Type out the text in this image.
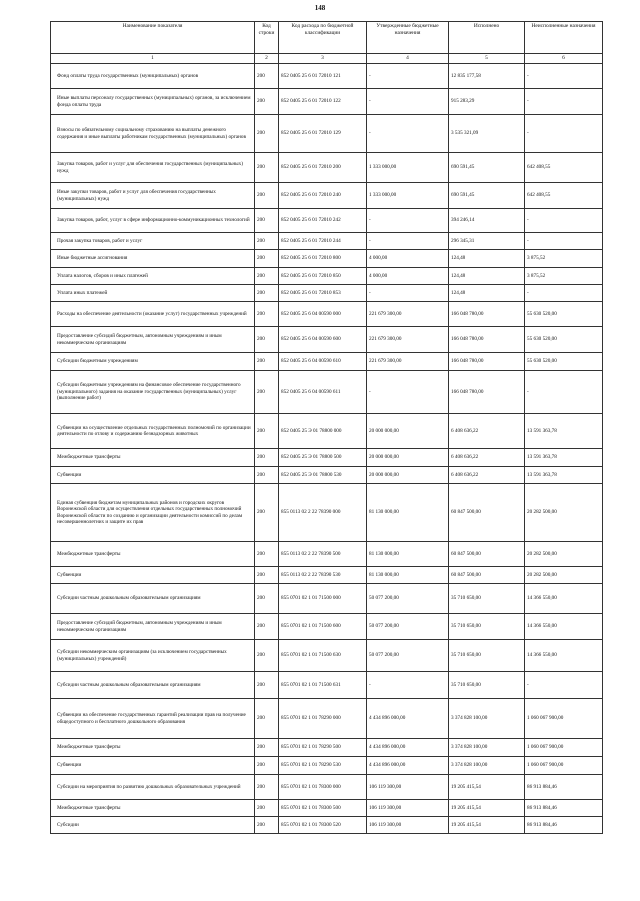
148
Наименование показателя	Код строки	Код расхода по бюджетной классификации	Утвержденные бюджетные назначения	Исполнено	Неисполненные назначения
1	2	3	4	5	6
Фонд оплаты труда государственных (муниципальных) органов	200	852 0405 25 6 01 72010 121	-	12 835 177,58	-
Иные выплаты персоналу государственных (муниципальных) органов, за исключением фонда оплаты труда	200	852 0405 25 6 01 72010 122	-	915 283,29	-
Взносы по обязательному социальному страхованию на выплаты денежного содержания и иные выплаты работникам государственных (муниципальных) органов	200	852 0405 25 6 01 72010 129	-	3 535 321,09	-
Закупка товаров, работ и услуг для обеспечения государственных (муниципальных) нужд	200	852 0405 25 6 01 72010 200	1 333 000,00	690 591,45	642 408,55
Иные закупки товаров, работ и услуг для обеспечения государственных (муниципальных) нужд	200	852 0405 25 6 01 72010 240	1 333 000,00	690 591,45	642 408,55
Закупка товаров, работ, услуг в сфере информационно-коммуникационных технологий	200	852 0405 25 6 01 72010 242	-	394 246,14	-
Прочая закупка товаров, работ и услуг	200	852 0405 25 6 01 72010 244	-	296 345,31	-
Иные бюджетные ассигнования	200	852 0405 25 6 01 72010 800	4 000,00	124,48	3 875,52
Уплата налогов, сборов и иных платежей	200	852 0405 25 6 01 72010 850	4 000,00	124,48	3 875,52
Уплата иных платежей	200	852 0405 25 6 01 72010 853	-	124,48	-
Расходы на обеспечение деятельности (оказание услуг) государственных учреждений	200	852 0405 25 6 04 00590 000	221 679 300,00	166 048 780,00	55 630 520,00
Предоставление субсидий бюджетным, автономным учреждениям и иным некоммерческим организациям	200	852 0405 25 6 04 00590 600	221 679 300,00	166 048 780,00	55 630 520,00
Субсидии бюджетным учреждениям	200	852 0405 25 6 04 00590 610	221 679 300,00	166 048 780,00	55 630 520,00
Субсидии бюджетным учреждениям на финансовое обеспечение государственного (муниципального) задания на оказание государственных (муниципальных) услуг (выполнение работ)	200	852 0405 25 6 04 00590 611	-	166 048 780,00	-
Субвенции на осуществление отдельных государственных полномочий по организации деятельности по отлову и содержанию безнадзорных животных	200	852 0405 25 Э 01 78800 000	20 000 000,00	6 408 636,22	13 591 363,78
Межбюджетные трансферты	200	852 0405 25 Э 01 78800 500	20 000 000,00	6 408 636,22	13 591 363,78
Субвенции	200	852 0405 25 Э 01 78800 530	20 000 000,00	6 408 636,22	13 591 363,78
Единая субвенция бюджетам муниципальных районов и городских округов Воронежской области для осуществления отдельных государственных полномочий Воронежской области по созданию и организации деятельности комиссий по делам несовершеннолетних и защите их прав	200	855 0113 02 2 22 78390 000	81 130 000,00	60 847 500,00	20 282 500,00
Межбюджетные трансферты	200	855 0113 02 2 22 78390 500	81 130 000,00	60 847 500,00	20 282 500,00
Субвенции	200	855 0113 02 2 22 78390 530	81 130 000,00	60 847 500,00	20 282 500,00
Субсидии частным дошкольным образовательным организациям	200	855 0701 02 1 01 71500 000	50 077 200,00	35 710 650,00	14 366 550,00
Предоставление субсидий бюджетным, автономным учреждениям и иным некоммерческим организациям	200	855 0701 02 1 01 71500 600	50 077 200,00	35 710 650,00	14 366 550,00
Субсидии некоммерческим организациям (за исключением государственных (муниципальных) учреждений)	200	855 0701 02 1 01 71500 630	50 077 200,00	35 710 650,00	14 366 550,00
Субсидии частным дошкольным образовательным организациям	200	855 0701 02 1 01 71500 631	-	35 710 650,00	-
Субвенции на обеспечение государственных гарантий реализации прав на получение общедоступного и бесплатного дошкольного образования	200	855 0701 02 1 01 78290 000	4 434 896 000,00	3 374 828 100,00	1 060 067 900,00
Межбюджетные трансферты	200	855 0701 02 1 01 78290 500	4 434 896 000,00	3 374 828 100,00	1 060 067 900,00
Субвенции	200	855 0701 02 1 01 78290 530	4 434 896 000,00	3 374 828 100,00	1 060 067 900,00
Субсидии на мероприятия по развитию дошкольных образовательных учреждений	200	855 0701 02 1 01 78300 000	106 119 300,00	19 205 415,54	86 913 884,46
Межбюджетные трансферты	200	855 0701 02 1 01 78300 500	106 119 300,00	19 205 415,54	86 913 884,46
Субсидии	200	855 0701 02 1 01 78300 520	106 119 300,00	19 205 415,54	86 913 884,46
